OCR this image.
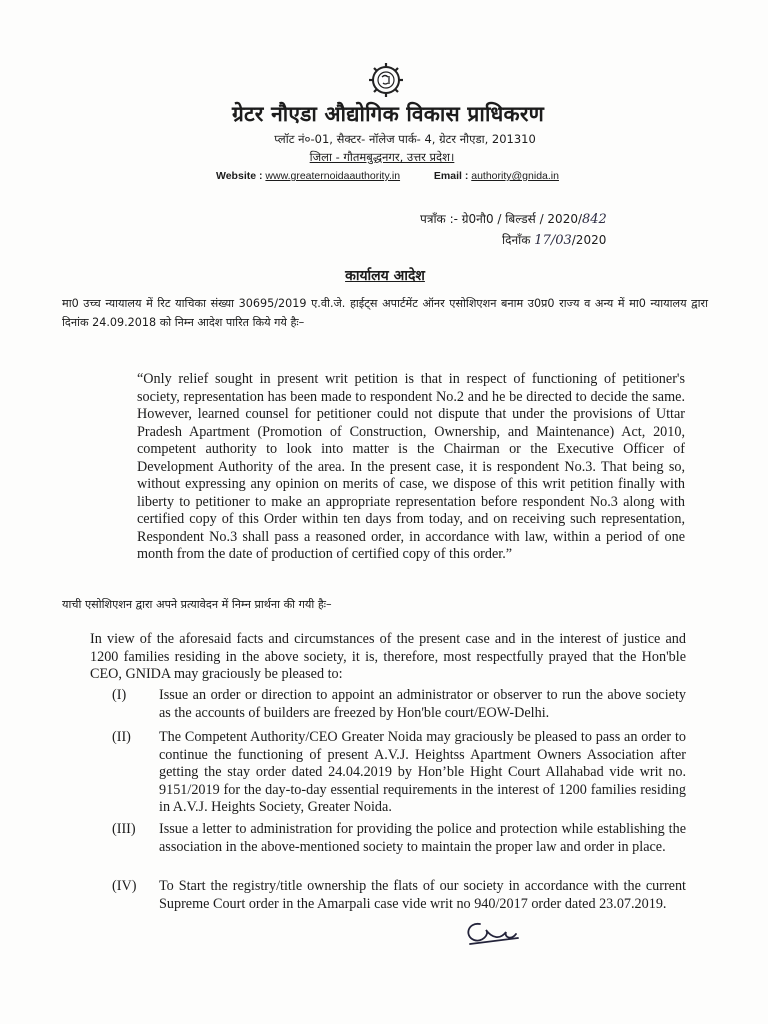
ग्रेटर नौएडा औद्योगिक विकास प्राधिकरण
प्लॉट नं०-01, सैक्टर- नॉलेज पार्क- 4, ग्रेटर नौएडा, 201310
जिला - गौतमबुद्धनगर, उत्तर प्रदेश।
Website : www.greaternoidaauthority.in	Email : authority@gnida.in
पत्राँक :- ग्रे0नौ0 / बिल्डर्स / 2020/842
दिनाँक 17/03/2020
कार्यालय आदेश
मा0 उच्च न्यायालय में रिट याचिका संख्या 30695/2019 ए.वी.जे. हाईट्स अपार्टमेंट ऑनर एसोशिएशन बनाम उ0प्र0 राज्य व अन्य में मा0 न्यायालय द्वारा दिनांक 24.09.2018 को निम्न आदेश पारित किये गये हैः–
“Only relief sought in present writ petition is that in respect of functioning of petitioner's society, representation has been made to respondent No.2 and he be directed to decide the same. However, learned counsel for petitioner could not dispute that under the provisions of Uttar Pradesh Apartment (Promotion of Construction, Ownership, and Maintenance) Act, 2010, competent authority to look into matter is the Chairman or the Executive Officer of Development Authority of the area. In the present case, it is respondent No.3. That being so, without expressing any opinion on merits of case, we dispose of this writ petition finally with liberty to petitioner to make an appropriate representation before respondent No.3 along with certified copy of this Order within ten days from today, and on receiving such representation, Respondent No.3 shall pass a reasoned order, in accordance with law, within a period of one month from the date of production of certified copy of this order.”
याची एसोशिएशन द्वारा अपने प्रत्यावेदन में निम्न प्रार्थना की गयी हैः–
In view of the aforesaid facts and circumstances of the present case and in the interest of justice and 1200 families residing in the above society, it is, therefore, most respectfully prayed that the Hon'ble CEO, GNIDA may graciously be pleased to:
(I)	Issue an order or direction to appoint an administrator or observer to run the above society as the accounts of builders are freezed by Hon'ble court/EOW-Delhi.
(II)	The Competent Authority/CEO Greater Noida may graciously be pleased to pass an order to continue the functioning of present A.V.J. Heightss Apartment Owners Association after getting the stay order dated 24.04.2019 by Hon’ble Hight Court Allahabad vide writ no. 9151/2019 for the day-to-day essential requirements in the interest of 1200 families residing in A.V.J. Heights Society, Greater Noida.
(III)	Issue a letter to administration for providing the police and protection while establishing the association in the above-mentioned society to maintain the proper law and order in place.
(IV)	To Start the registry/title ownership the flats of our society in accordance with the current Supreme Court order in the Amarpali case vide writ no 940/2017 order dated 23.07.2019.
